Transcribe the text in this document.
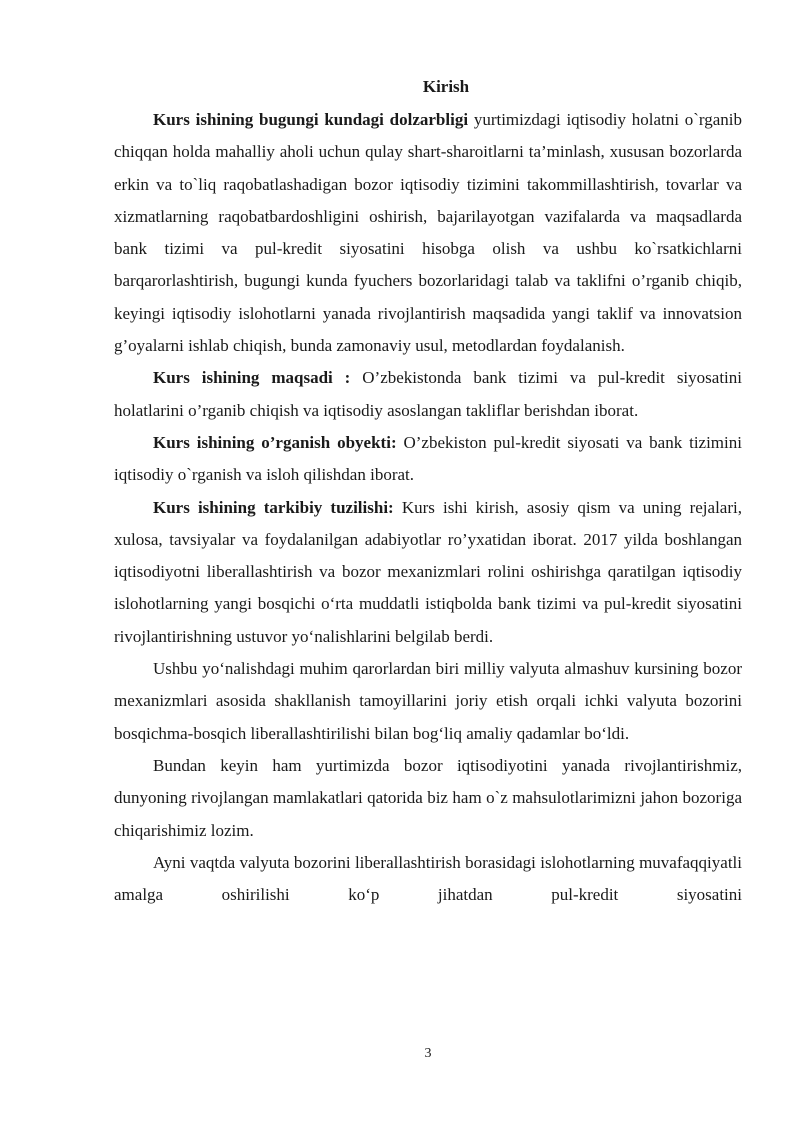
Kirish

Kurs ishining bugungi kundagi dolzarbligi yurtimizdagi iqtisodiy holatni o`rganib chiqqan holda mahalliy aholi uchun qulay shart-sharoitlarni ta’minlash, xususan bozorlarda erkin va to`liq raqobatlashadigan bozor iqtisodiy tizimini takommillashtirish, tovarlar va xizmatlarning raqobatbardoshligini oshirish, bajarilayotgan vazifalarda va maqsadlarda bank tizimi va pul-kredit siyosatini hisobga olish va ushbu ko`rsatkichlarni barqarorlashtirish, bugungi kunda fyuchers bozorlaridagi talab va taklifni o’rganib chiqib, keyingi iqtisodiy islohotlarni yanada rivojlantirish maqsadida yangi taklif va innovatsion g’oyalarni ishlab chiqish, bunda zamonaviy usul, metodlardan foydalanish.

Kurs ishining maqsadi : O’zbekistonda bank tizimi va pul-kredit siyosatini holatlarini o’rganib chiqish va iqtisodiy asoslangan takliflar berishdan iborat.

Kurs ishining o’rganish obyekti: O’zbekiston pul-kredit siyosati va bank tizimini iqtisodiy o`rganish va isloh qilishdan iborat.

Kurs ishining tarkibiy tuzilishi: Kurs ishi kirish, asosiy qism va uning rejalari, xulosa, tavsiyalar va foydalanilgan adabiyotlar ro’yxatidan iborat. 2017 yilda boshlangan iqtisodiyotni liberallashtirish va bozor mexanizmlari rolini oshirishga qaratilgan iqtisodiy islohotlarning yangi bosqichi o‘rta muddatli istiqbolda bank tizimi va pul-kredit siyosatini rivojlantirishning ustuvor yo‘nalishlarini belgilab berdi.

Ushbu yo‘nalishdagi muhim qarorlardan biri milliy valyuta almashuv kursining bozor mexanizmlari asosida shakllanish tamoyillarini joriy etish orqali ichki valyuta bozorini bosqichma-bosqich liberallashtirilishi bilan bog‘liq amaliy qadamlar bo‘ldi.

Bundan keyin ham yurtimizda bozor iqtisodiyotini yanada rivojlantirishmiz, dunyoning rivojlangan mamlakatlari qatorida biz ham o`z mahsulotlarimizni jahon bozoriga chiqarishimiz lozim.

Ayni vaqtda valyuta bozorini liberallashtirish borasidagi islohotlarning muvafaqqiyatli amalga oshirilishi ko‘p jihatdan pul-kredit siyosatini

3
